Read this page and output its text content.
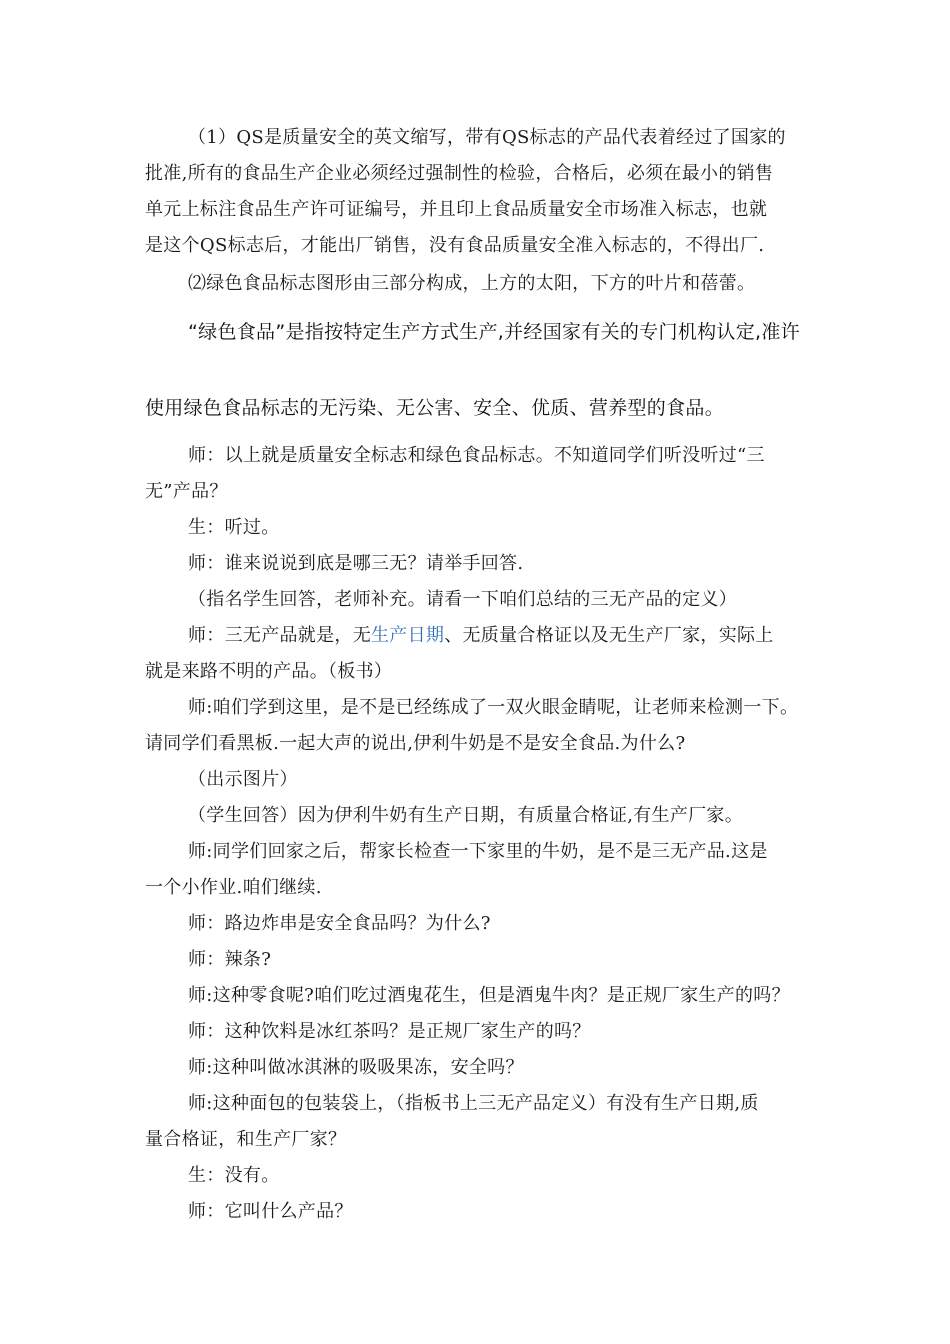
（1）QS是质量安全的英文缩写，带有QS标志的产品代表着经过了国家的
批准,所有的食品生产企业必须经过强制性的检验，合格后，必须在最小的销售
单元上标注食品生产许可证编号，并且印上食品质量安全市场准入标志，也就
是这个QS标志后，才能出厂销售，没有食品质量安全准入标志的，不得出厂.
⑵绿色食品标志图形由三部分构成，上方的太阳，下方的叶片和蓓蕾。
“绿色食品”是指按特定生产方式生产,并经国家有关的专门机构认定,准许
使用绿色食品标志的无污染、无公害、安全、优质、营养型的食品。
师：以上就是质量安全标志和绿色食品标志。不知道同学们听没听过“三
无”产品？
生：听过。
师：谁来说说到底是哪三无？请举手回答.
（指名学生回答，老师补充。请看一下咱们总结的三无产品的定义）
师：三无产品就是，无生产日期、无质量合格证以及无生产厂家，实际上
就是来路不明的产品。（板书）
师:咱们学到这里，是不是已经练成了一双火眼金睛呢，让老师来检测一下。
请同学们看黑板.一起大声的说出,伊利牛奶是不是安全食品.为什么?
（出示图片）
（学生回答）因为伊利牛奶有生产日期，有质量合格证,有生产厂家。
师:同学们回家之后，帮家长检查一下家里的牛奶，是不是三无产品.这是
一个小作业.咱们继续.
师：路边炸串是安全食品吗？为什么?
师：辣条?
师:这种零食呢?咱们吃过酒鬼花生，但是酒鬼牛肉？是正规厂家生产的吗？
师：这种饮料是冰红茶吗？是正规厂家生产的吗？
师:这种叫做冰淇淋的吸吸果冻，安全吗？
师:这种面包的包装袋上，（指板书上三无产品定义）有没有生产日期,质
量合格证，和生产厂家？
生：没有。
师：它叫什么产品？
